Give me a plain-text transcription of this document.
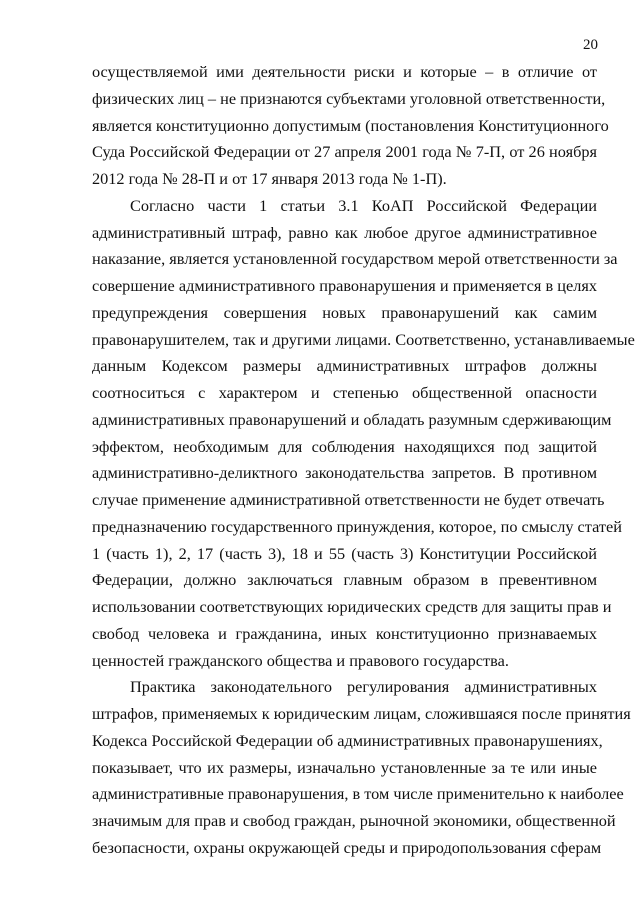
20

осуществляемой ими деятельности риски и которые – в отличие от
физических лиц – не признаются субъектами уголовной ответственности,
является конституционно допустимым (постановления Конституционного
Суда Российской Федерации от 27 апреля 2001 года № 7-П, от 26 ноября
2012 года № 28-П и от 17 января 2013 года № 1-П).

Согласно части 1 статьи 3.1 КоАП Российской Федерации
административный штраф, равно как любое другое административное
наказание, является установленной государством мерой ответственности за
совершение административного правонарушения и применяется в целях
предупреждения совершения новых правонарушений как самим
правонарушителем, так и другими лицами. Соответственно, устанавливаемые
данным Кодексом размеры административных штрафов должны
соотноситься с характером и степенью общественной опасности
административных правонарушений и обладать разумным сдерживающим
эффектом, необходимым для соблюдения находящихся под защитой
административно-деликтного законодательства запретов. В противном
случае применение административной ответственности не будет отвечать
предназначению государственного принуждения, которое, по смыслу статей
1 (часть 1), 2, 17 (часть 3), 18 и 55 (часть 3) Конституции Российской
Федерации, должно заключаться главным образом в превентивном
использовании соответствующих юридических средств для защиты прав и
свобод человека и гражданина, иных конституционно признаваемых
ценностей гражданского общества и правового государства.

Практика законодательного регулирования административных
штрафов, применяемых к юридическим лицам, сложившаяся после принятия
Кодекса Российской Федерации об административных правонарушениях,
показывает, что их размеры, изначально установленные за те или иные
административные правонарушения, в том числе применительно к наиболее
значимым для прав и свобод граждан, рыночной экономики, общественной
безопасности, охраны окружающей среды и природопользования сферам
